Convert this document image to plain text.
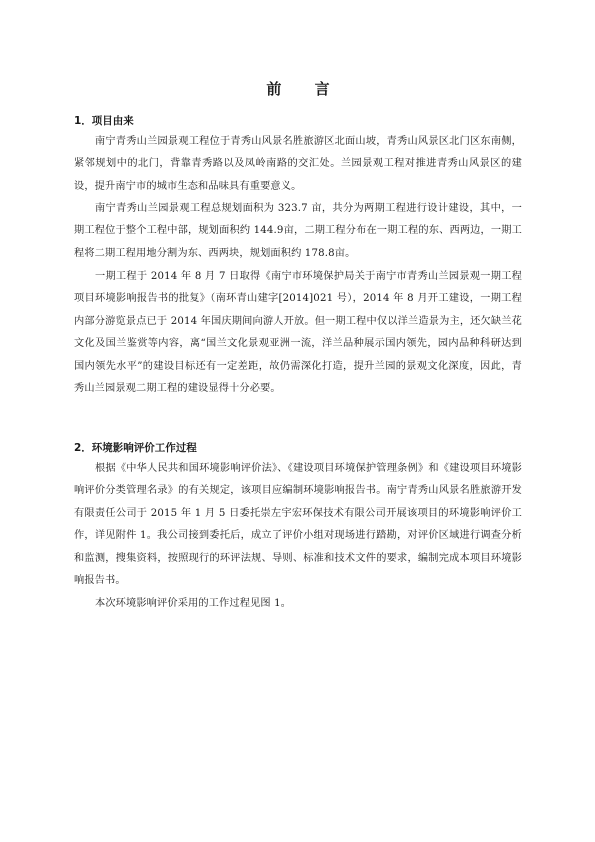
前 言
1．项目由来

南宁青秀山兰园景观工程位于青秀山风景名胜旅游区北面山坡，青秀山风景区北门区东南侧，紧邻规划中的北门，背靠青秀路以及凤岭南路的交汇处。兰园景观工程对推进青秀山风景区的建设，提升南宁市的城市生态和品味具有重要意义。

南宁青秀山兰园景观工程总规划面积为 323.7 亩，共分为两期工程进行设计建设，其中，一期工程位于整个工程中部，规划面积约 144.9亩，二期工程分布在一期工程的东、西两边，一期工程将二期工程用地分割为东、西两块，规划面积约 178.8亩。

一期工程于 2014 年 8 月 7 日取得《南宁市环境保护局关于南宁市青秀山兰园景观一期工程项目环境影响报告书的批复》（南环青山建字[2014]021 号），2014 年 8 月开工建设，一期工程内部分游览景点已于 2014 年国庆期间向游人开放。但一期工程中仅以洋兰造景为主，还欠缺兰花文化及国兰鉴赏等内容，离“国兰文化景观亚洲一流，洋兰品种展示国内领先，园内品种科研达到国内领先水平”的建设目标还有一定差距，故仍需深化打造，提升兰园的景观文化深度，因此，青秀山兰园景观二期工程的建设显得十分必要。

2．环境影响评价工作过程

根据《中华人民共和国环境影响评价法》、《建设项目环境保护管理条例》和《建设项目环境影响评价分类管理名录》的有关规定，该项目应编制环境影响报告书。南宁青秀山风景名胜旅游开发有限责任公司于 2015 年 1 月 5 日委托崇左宇宏环保技术有限公司开展该项目的环境影响评价工作，详见附件 1。我公司接到委托后，成立了评价小组对现场进行踏勘，对评价区域进行调查分析和监测，搜集资料，按照现行的环评法规、导则、标准和技术文件的要求，编制完成本项目环境影响报告书。

本次环境影响评价采用的工作过程见图 1。
